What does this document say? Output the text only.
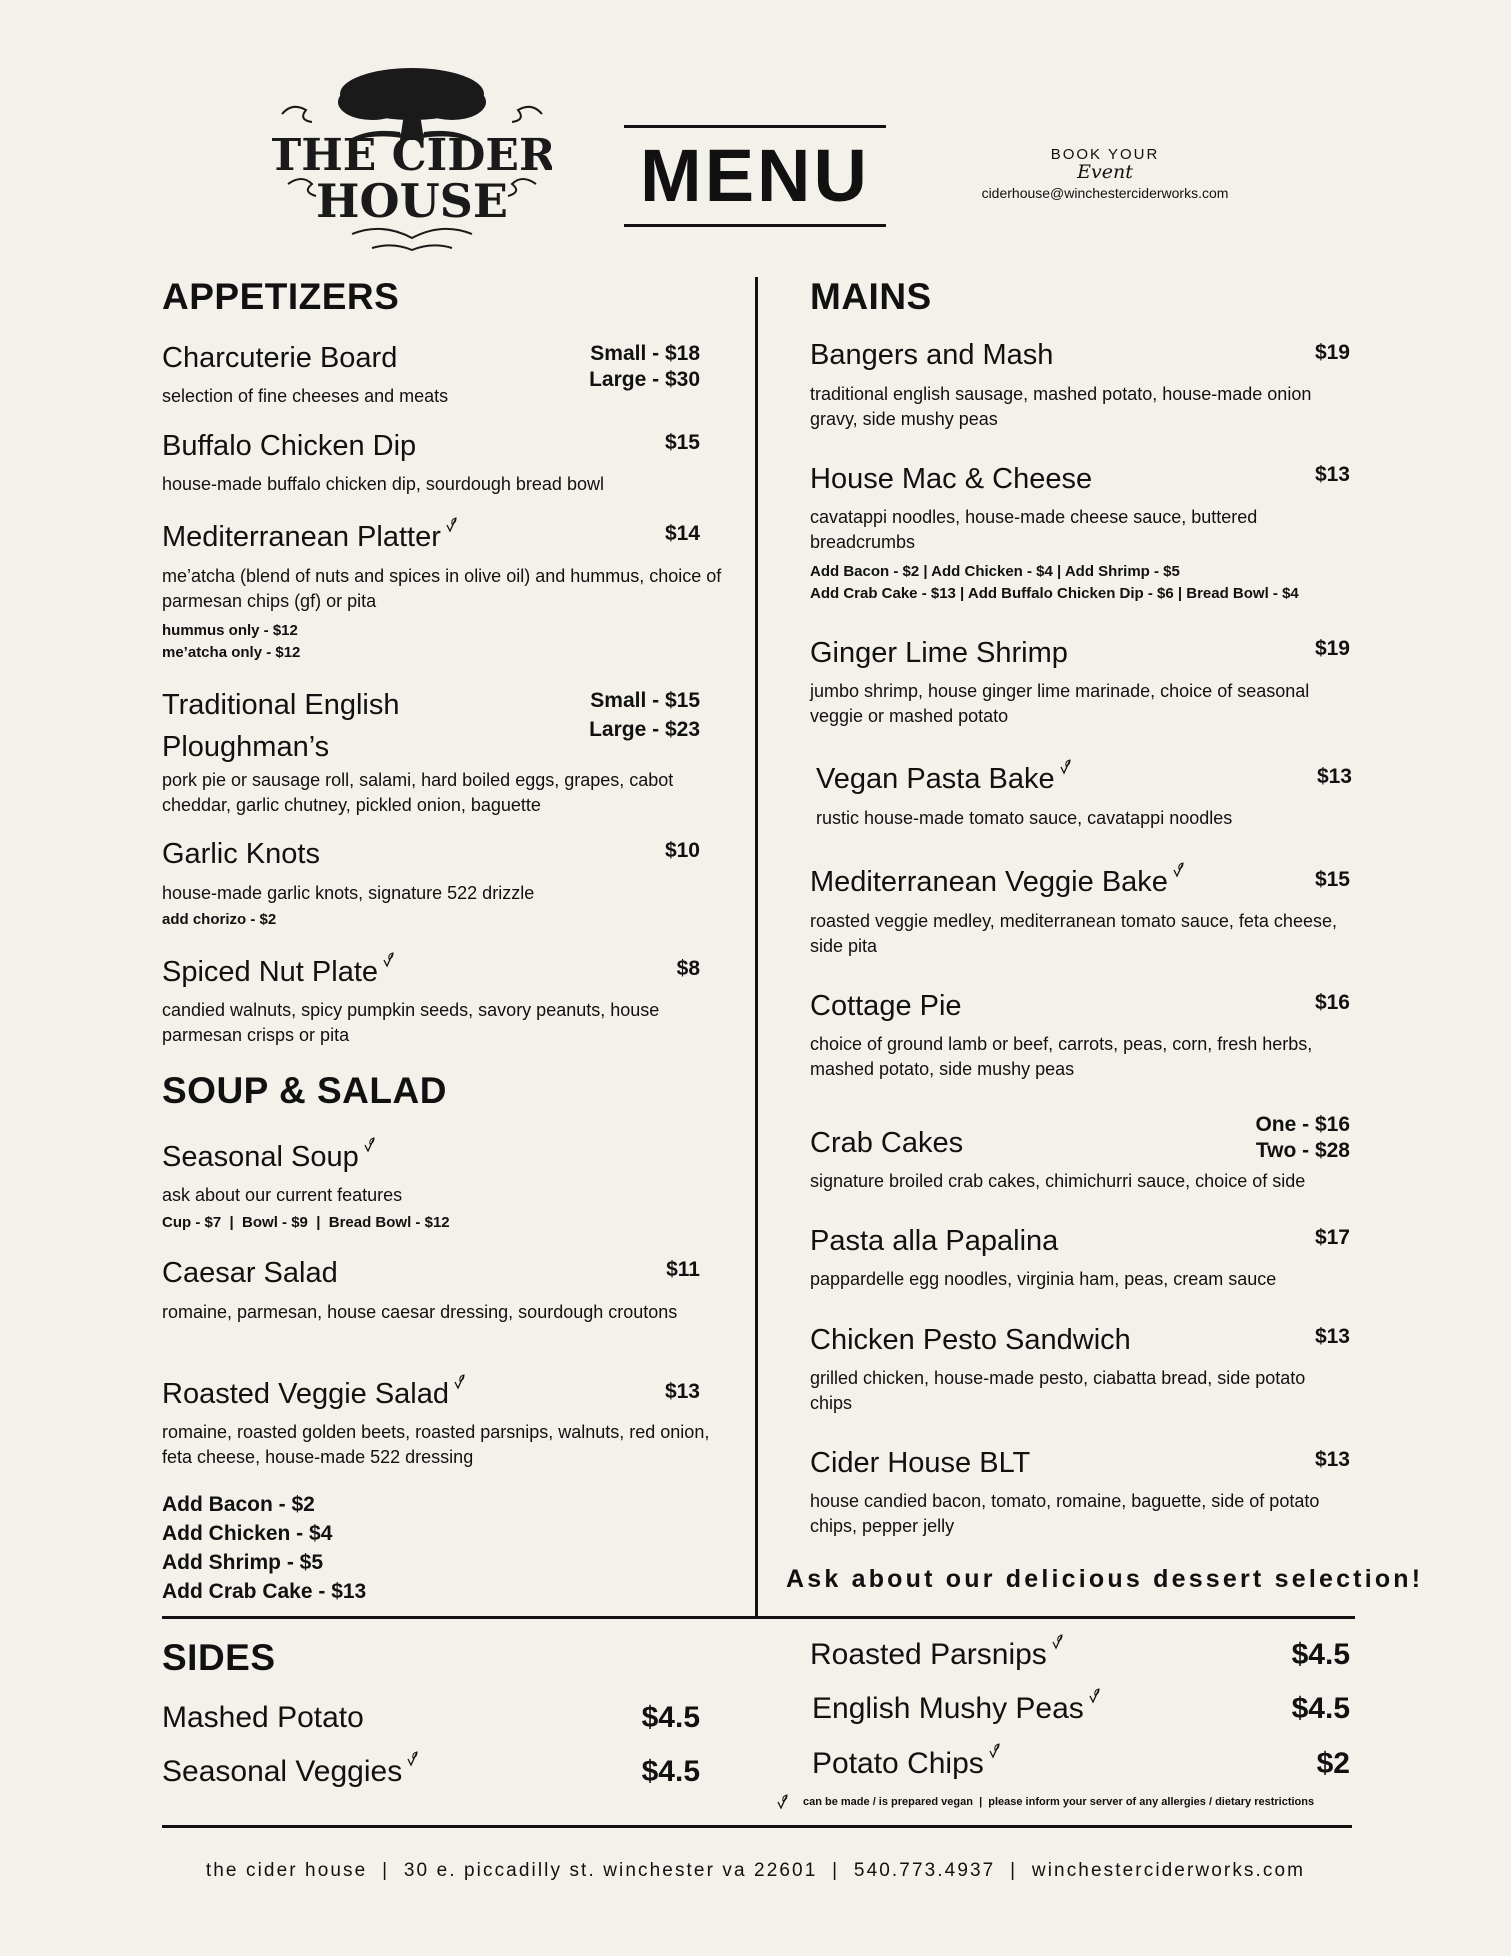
THE CIDER
HOUSE MENU	BOOK YOUR
Event
ciderhouse@winchesterciderworks.com
APPETIZERS
Charcuterie Board	Small - $18
Large - $30
selection of fine cheeses and meats
Buffalo Chicken Dip	$15
house-made buffalo chicken dip, sourdough bread bowl
Mediterranean Platter	$14
me’atcha (blend of nuts and spices in olive oil) and hummus, choice of parmesan chips (gf) or pita
hummus only - $12
me’atcha only - $12
Traditional English
Ploughman’s
Small - $15
Large - $23
pork pie or sausage roll, salami, hard boiled eggs, grapes, cabot cheddar, garlic chutney, pickled onion, baguette
Garlic Knots	$10
house-made garlic knots, signature 522 drizzle
add chorizo - $2
Spiced Nut Plate	$8
candied walnuts, spicy pumpkin seeds, savory peanuts, house parmesan crisps or pita
SOUP & SALAD
Seasonal Soup
ask about our current features
Cup - $7  |  Bowl - $9  |  Bread Bowl - $12
Caesar Salad	$11
romaine, parmesan, house caesar dressing, sourdough croutons
Roasted Veggie Salad	$13
romaine, roasted golden beets, roasted parsnips, walnuts, red onion, feta cheese, house-made 522 dressing
Add Bacon - $2
Add Chicken - $4
Add Shrimp - $5
Add Crab Cake - $13
MAINS
Bangers and Mash	$19
traditional english sausage, mashed potato, house-made onion gravy, side mushy peas
House Mac & Cheese	$13
cavatappi noodles, house-made cheese sauce, buttered breadcrumbs
Add Bacon - $2 | Add Chicken - $4 | Add Shrimp - $5
Add Crab Cake - $13 | Add Buffalo Chicken Dip - $6 | Bread Bowl - $4
Ginger Lime Shrimp	$19
jumbo shrimp, house ginger lime marinade, choice of seasonal veggie or mashed potato
Vegan Pasta Bake	$13
rustic house-made tomato sauce, cavatappi noodles
Mediterranean Veggie Bake	$15
roasted veggie medley, mediterranean tomato sauce, feta cheese, side pita
Cottage Pie	$16
choice of ground lamb or beef, carrots, peas, corn, fresh herbs, mashed potato, side mushy peas
Crab Cakes
One - $16
Two - $28
signature broiled crab cakes, chimichurri sauce, choice of side
Pasta alla Papalina	$17
pappardelle egg noodles, virginia ham, peas, cream sauce
Chicken Pesto Sandwich	$13
grilled chicken, house-made pesto, ciabatta bread, side potato chips
Cider House BLT	$13
house candied bacon, tomato, romaine, baguette, side of potato chips, pepper jelly
Ask about our delicious dessert selection!
SIDES
Mashed Potato	$4.5
Seasonal Veggies	$4.5
Roasted Parsnips	$4.5
English Mushy Peas	$4.5
Potato Chips	$2
can be made / is prepared vegan  |  please inform your server of any allergies / dietary restrictions
the cider house  |  30 e. piccadilly st. winchester va 22601  |  540.773.4937  |  winchesterciderworks.com
